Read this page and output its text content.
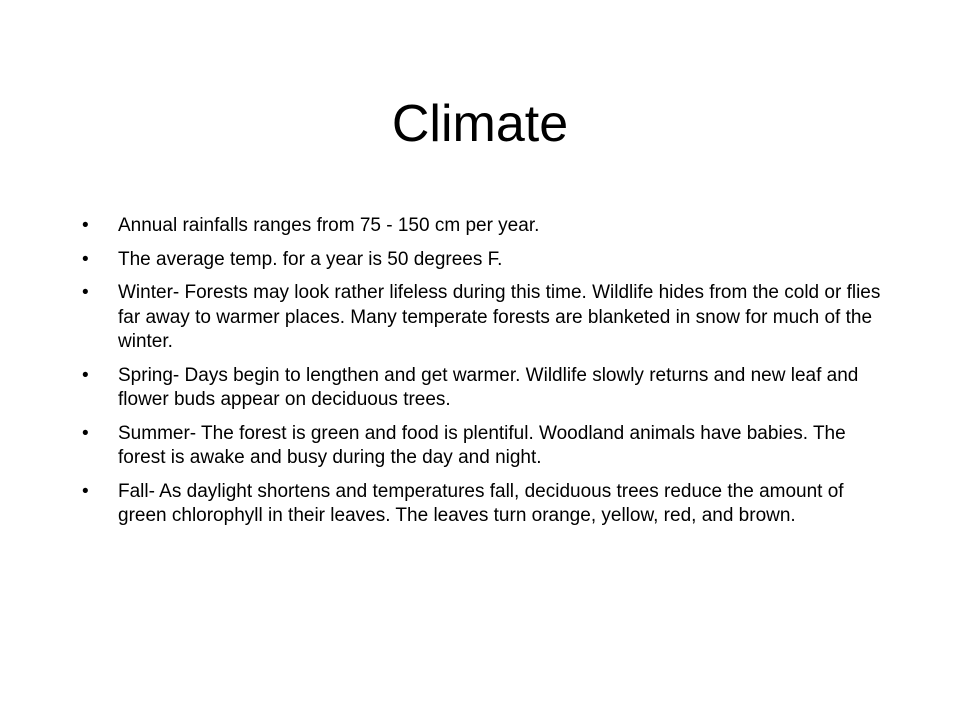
Climate
•	Annual rainfalls ranges from 75 - 150 cm per year.
•	The average temp. for a year is 50 degrees F.
•	Winter- Forests may look rather lifeless during this time. Wildlife hides from the cold or flies far away to warmer places. Many temperate forests are blanketed in snow for much of the winter.
•	Spring- Days begin to lengthen and get warmer. Wildlife slowly returns and new leaf and flower buds appear on deciduous trees.
•	Summer- The forest is green and food is plentiful. Woodland animals have babies. The forest is awake and busy during the day and night.
•	Fall- As daylight shortens and temperatures fall, deciduous trees reduce the amount of green chlorophyll in their leaves. The leaves turn orange, yellow, red, and brown.
